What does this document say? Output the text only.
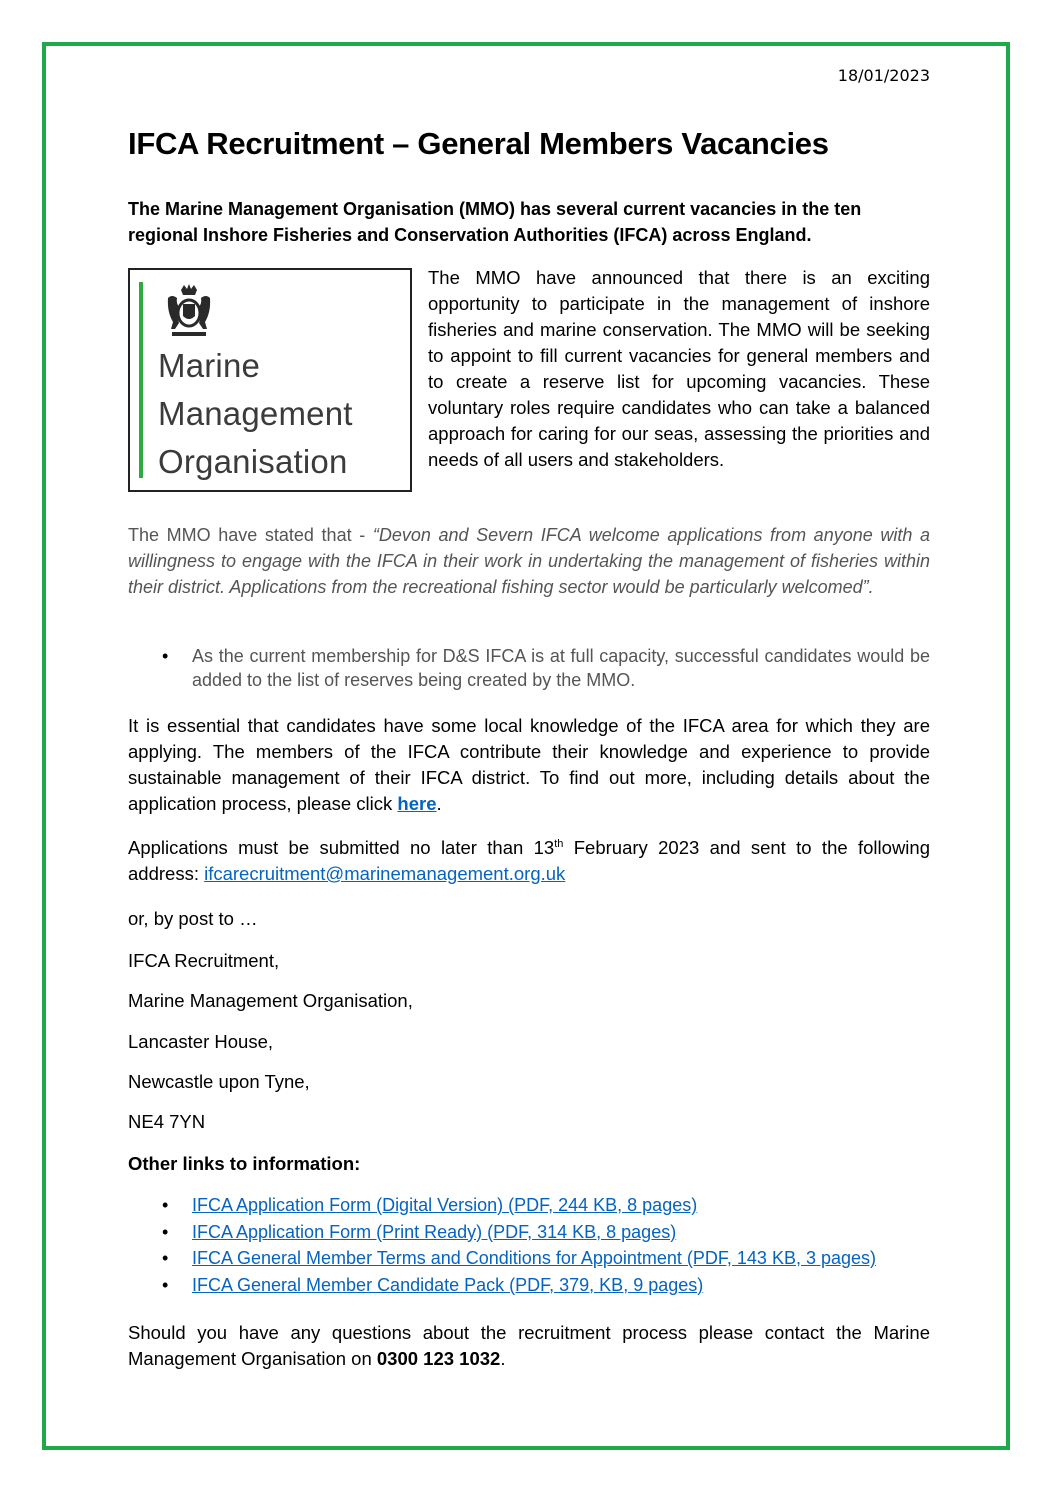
18/01/2023
IFCA Recruitment – General Members Vacancies

The Marine Management Organisation (MMO) has several current vacancies in the ten regional Inshore Fisheries and Conservation Authorities (IFCA) across England.

Marine
Management
Organisation

The MMO have announced that there is an exciting opportunity to participate in the management of inshore fisheries and marine conservation. The MMO will be seeking to appoint to fill current vacancies for general members and to create a reserve list for upcoming vacancies. These voluntary roles require candidates who can take a balanced approach for caring for our seas, assessing the priorities and needs of all users and stakeholders.

The MMO have stated that - “Devon and Severn IFCA welcome applications from anyone with a willingness to engage with the IFCA in their work in undertaking the management of fisheries within their district. Applications from the recreational fishing sector would be particularly welcomed”.

• As the current membership for D&S IFCA is at full capacity, successful candidates would be added to the list of reserves being created by the MMO.

It is essential that candidates have some local knowledge of the IFCA area for which they are applying. The members of the IFCA contribute their knowledge and experience to provide sustainable management of their IFCA district. To find out more, including details about the application process, please click here.

Applications must be submitted no later than 13th February 2023 and sent to the following address: ifcarecruitment@marinemanagement.org.uk

or, by post to …
IFCA Recruitment,
Marine Management Organisation,
Lancaster House,
Newcastle upon Tyne,
NE4 7YN
Other links to information:
• IFCA Application Form (Digital Version) (PDF, 244 KB, 8 pages)
• IFCA Application Form (Print Ready) (PDF, 314 KB, 8 pages)
• IFCA General Member Terms and Conditions for Appointment (PDF, 143 KB, 3 pages)
• IFCA General Member Candidate Pack (PDF, 379, KB, 9 pages)

Should you have any questions about the recruitment process please contact the Marine Management Organisation on 0300 123 1032.
